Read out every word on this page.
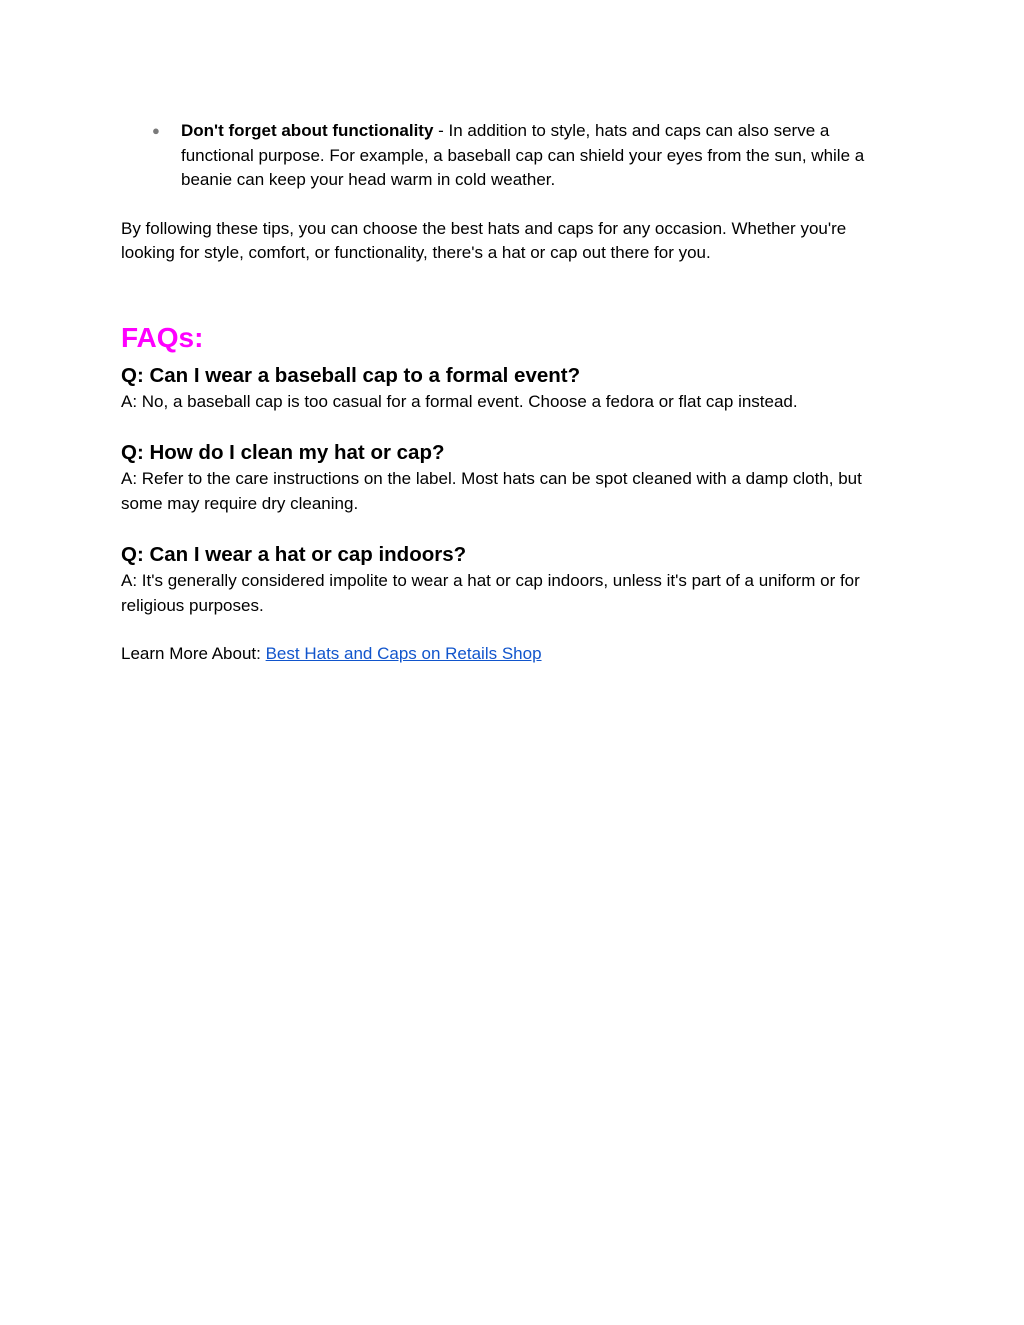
● Don't forget about functionality - In addition to style, hats and caps can also serve a functional purpose. For example, a baseball cap can shield your eyes from the sun, while a beanie can keep your head warm in cold weather.

By following these tips, you can choose the best hats and caps for any occasion. Whether you're looking for style, comfort, or functionality, there's a hat or cap out there for you.

FAQs:

Q: Can I wear a baseball cap to a formal event?

A: No, a baseball cap is too casual for a formal event. Choose a fedora or flat cap instead.

Q: How do I clean my hat or cap?

A: Refer to the care instructions on the label. Most hats can be spot cleaned with a damp cloth, but some may require dry cleaning.

Q: Can I wear a hat or cap indoors?

A: It's generally considered impolite to wear a hat or cap indoors, unless it's part of a uniform or for religious purposes.

Learn More About: Best Hats and Caps on Retails Shop
